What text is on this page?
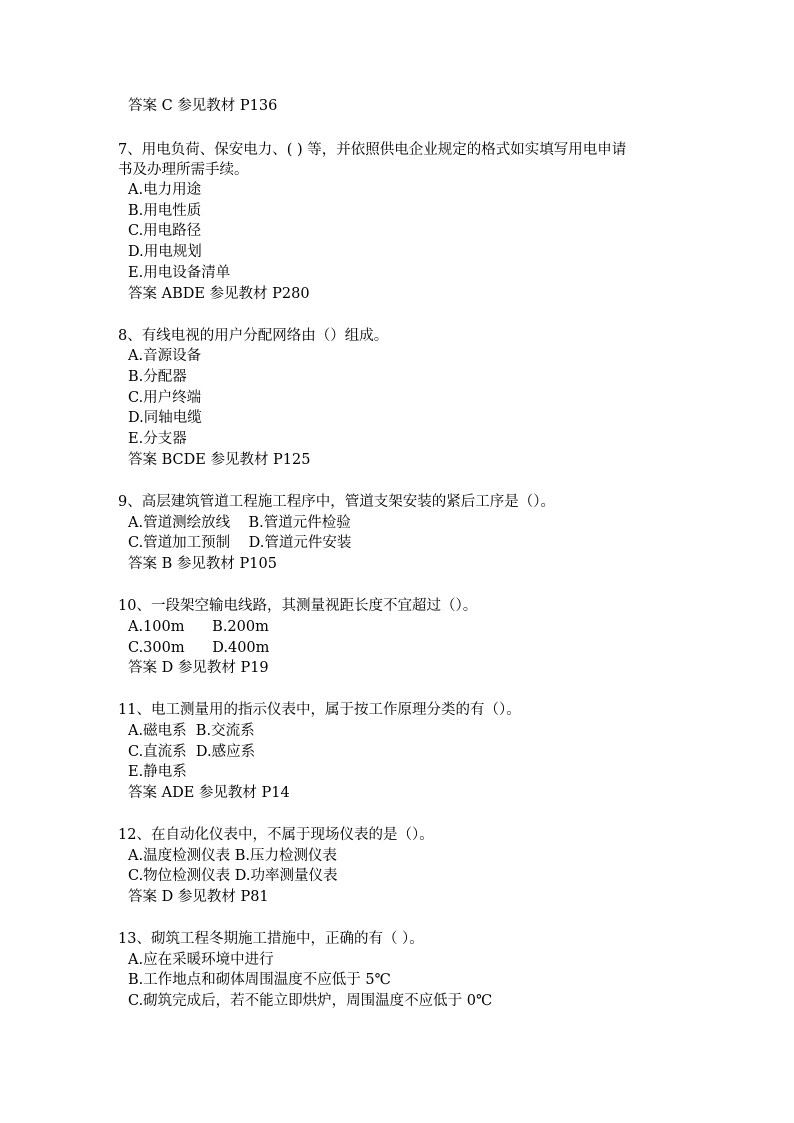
答案 C 参见教材 P136
7、用电负荷、保安电力、( ) 等，并依照供电企业规定的格式如实填写用电申请
书及办理所需手续。
A.电力用途
B.用电性质
C.用电路径
D.用电规划
E.用电设备清单
答案 ABDE 参见教材 P280
8、有线电视的用户分配网络由（）组成。
A.音源设备
B.分配器
C.用户终端
D.同轴电缆
E.分支器
答案 BCDE 参见教材 P125
9、高层建筑管道工程施工程序中，管道支架安装的紧后工序是（）。
A.管道测绘放线    B.管道元件检验
C.管道加工预制    D.管道元件安装
答案 B 参见教材 P105
10、一段架空输电线路，其测量视距长度不宜超过（）。
A.100m      B.200m
C.300m      D.400m
答案 D 参见教材 P19
11、电工测量用的指示仪表中，属于按工作原理分类的有（）。
A.磁电系  B.交流系
C.直流系  D.感应系
E.静电系
答案 ADE 参见教材 P14
12、在自动化仪表中，不属于现场仪表的是（）。
A.温度检测仪表 B.压力检测仪表
C.物位检测仪表 D.功率测量仪表
答案 D 参见教材 P81
13、砌筑工程冬期施工措施中，正确的有（ ）。
A.应在采暖环境中进行
B.工作地点和砌体周围温度不应低于 5℃
C.砌筑完成后，若不能立即烘炉，周围温度不应低于 0℃
